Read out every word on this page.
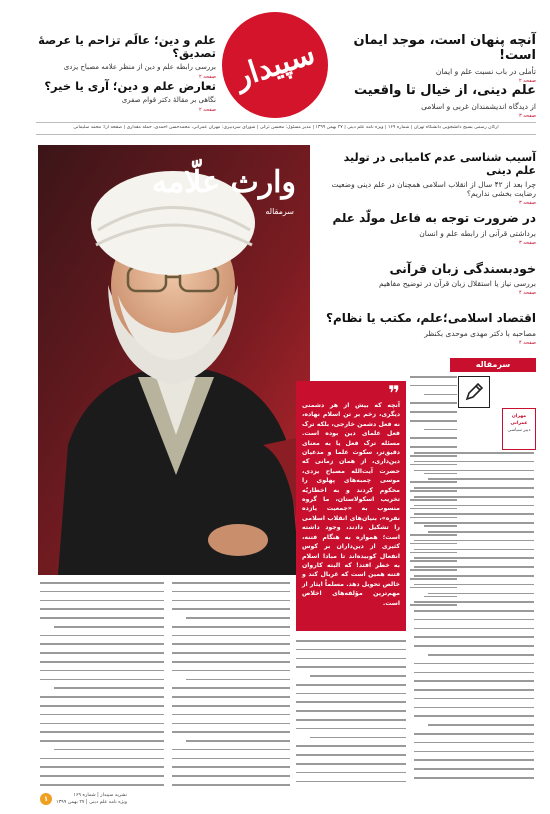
سپیدار	آنچه پنهان است، موجد ایمان است!
تأملی در باب نسبت علم و ایمان
صفحه ۲
علم دینی، از خیال تا واقعیت
از دیدگاه اندیشمندان غربی و اسلامی
صفحه ۳
علم و دین؛ عالَم تزاحم یا عرصهٔ تصدیق؟
بررسی رابطه علم و دین از منظر علامه مصباح یزدی
صفحه ۲
تعارض علم و دین؛ آری یا خیر؟
نگاهی بر مقالهٔ دکتر قوام صفری
صفحه ۲
ارگان رسمی بسیج دانشجویی دانشگاه تهران | شماره ۱۶۹ | ویژه نامه علم دینی | ۲۷ بهمن ۱۳۹۹ | مدیر مسئول: محسن ترکی | شورای سردبیری: مهران عمرانی، محمدحسن احمدی، حمله مقداری | صفحه آرا: محمد سلیمانی
وارث علّامه
سرمقاله
آسیب شناسی عدم کامیابی در تولید علم دینی
چرا بعد از ۴۲ سال از انقلاب اسلامی همچنان در علم دینی وضعیت رضایت بخشی نداریم؟
صفحه ۳
در ضرورت توجه به فاعل مولّد علم
برداشتی قرآنی از رابطه علم و انسان
صفحه ۳
خودبسندگی زبان قرآنی
بررسی نیاز یا استقلال زبان قرآن در توضیح مفاهیم
صفحه ۴
اقتصاد اسلامی؛علم، مکتب یا نظام؟
مصاحبه با دکتر مهدی موحدی بکنظر
صفحه ۴
سرمقاله
مهران عمرانی
دبیر سیاسی
❞
آنچه که بیش از هر دشمنی دیگری، زخم بر تن اسلام نهاده، نه فعل دشمن خارجی، بلکه ترک فعل علمای دین بوده است. مسئله ترک فعل یا به معنای دقیق‌تر، سکوت علما و مدعیان دین‌داری، از همان زمانی که حضرت آیت‌الله مصباح یزدی، موسی چمبه‌های پهلوی را محکوم کردند و به اخطاریّه تخریب اسکولاستان، ما گروه منسوب به «جمعیت یازده نفره»، بنیان‌های انقلاب اسلامی را تشکیل دادند، وجود داشته است؛ همواره به هنگام فتنه، کثیری از دین‌داران بر کوس انفعال کوبیده‌اند تا مبادا اسلام به خطر افتد! که البته کاروان فتنه همین است که غربال کند و خالص تحویل دهد. مسلماً ایثار از مهم‌ترین مؤلفه‌های اخلاص است.
۱	نشریه سپیدار | شماره ۱۶۹
ویژه نامه علم دینی | ۲۷ بهمن ۱۳۹۹
